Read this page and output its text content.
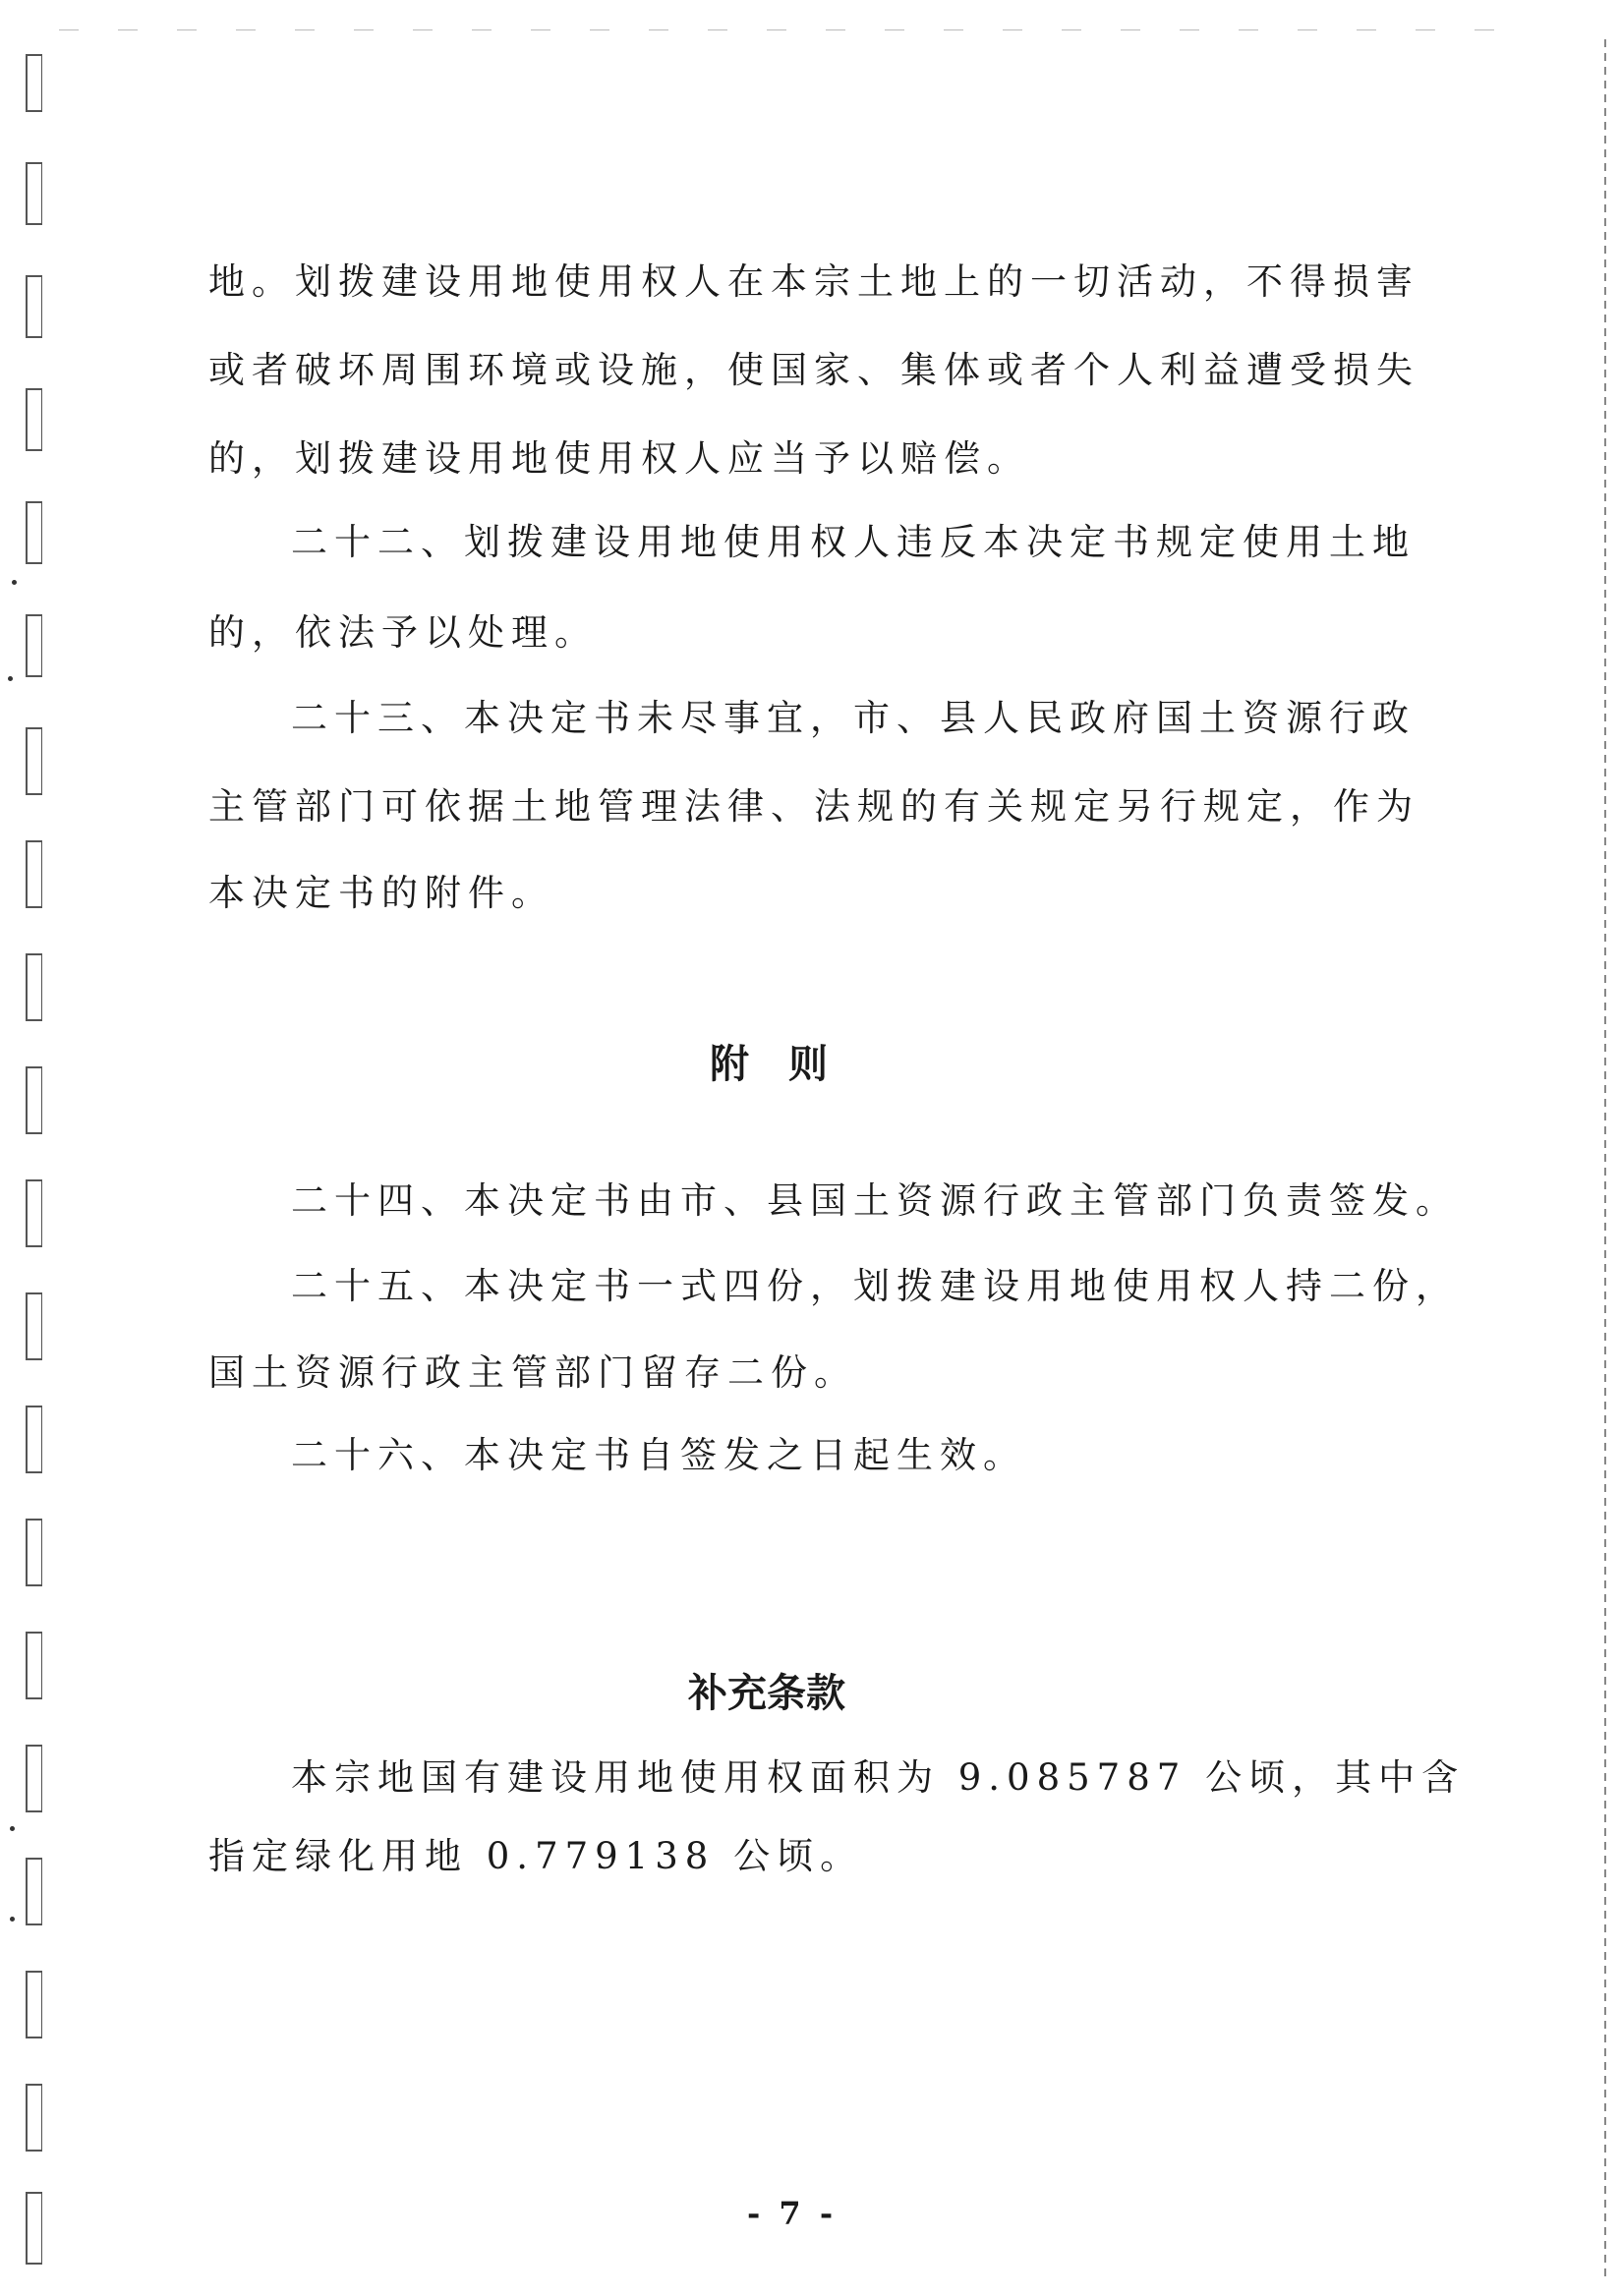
地。划拨建设用地使用权人在本宗土地上的一切活动，不得损害
或者破坏周围环境或设施，使国家、集体或者个人利益遭受损失
的，划拨建设用地使用权人应当予以赔偿。
二十二、划拨建设用地使用权人违反本决定书规定使用土地
的，依法予以处理。
二十三、本决定书未尽事宜，市、县人民政府国土资源行政
主管部门可依据土地管理法律、法规的有关规定另行规定，作为
本决定书的附件。
附　则
二十四、本决定书由市、县国土资源行政主管部门负责签发。
二十五、本决定书一式四份，划拨建设用地使用权人持二份，
国土资源行政主管部门留存二份。
二十六、本决定书自签发之日起生效。
补充条款
本宗地国有建设用地使用权面积为 9.085787 公顷，其中含
指定绿化用地 0.779138 公顷。
- 7 -
